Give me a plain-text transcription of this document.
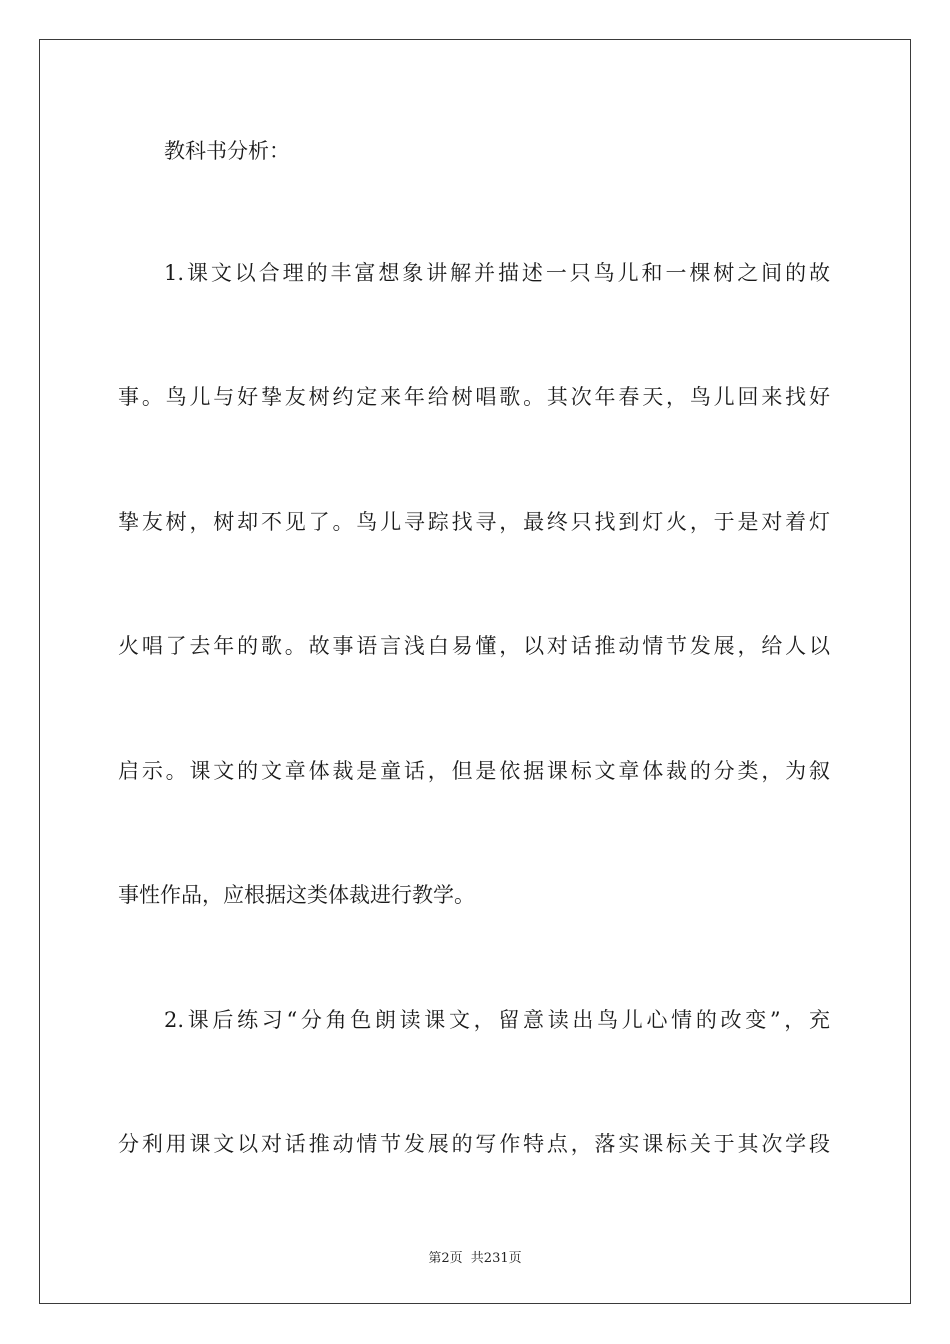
教科书分析：
1.课文以合理的丰富想象讲解并描述一只鸟儿和一棵树之间的故
事。鸟儿与好挚友树约定来年给树唱歌。其次年春天，鸟儿回来找好
挚友树，树却不见了。鸟儿寻踪找寻，最终只找到灯火，于是对着灯
火唱了去年的歌。故事语言浅白易懂，以对话推动情节发展，给人以
启示。课文的文章体裁是童话，但是依据课标文章体裁的分类，为叙
事性作品，应根据这类体裁进行教学。
2.课后练习“分角色朗读课文，留意读出鸟儿心情的改变”，充
分利用课文以对话推动情节发展的写作特点，落实课标关于其次学段
第2页 共231页
